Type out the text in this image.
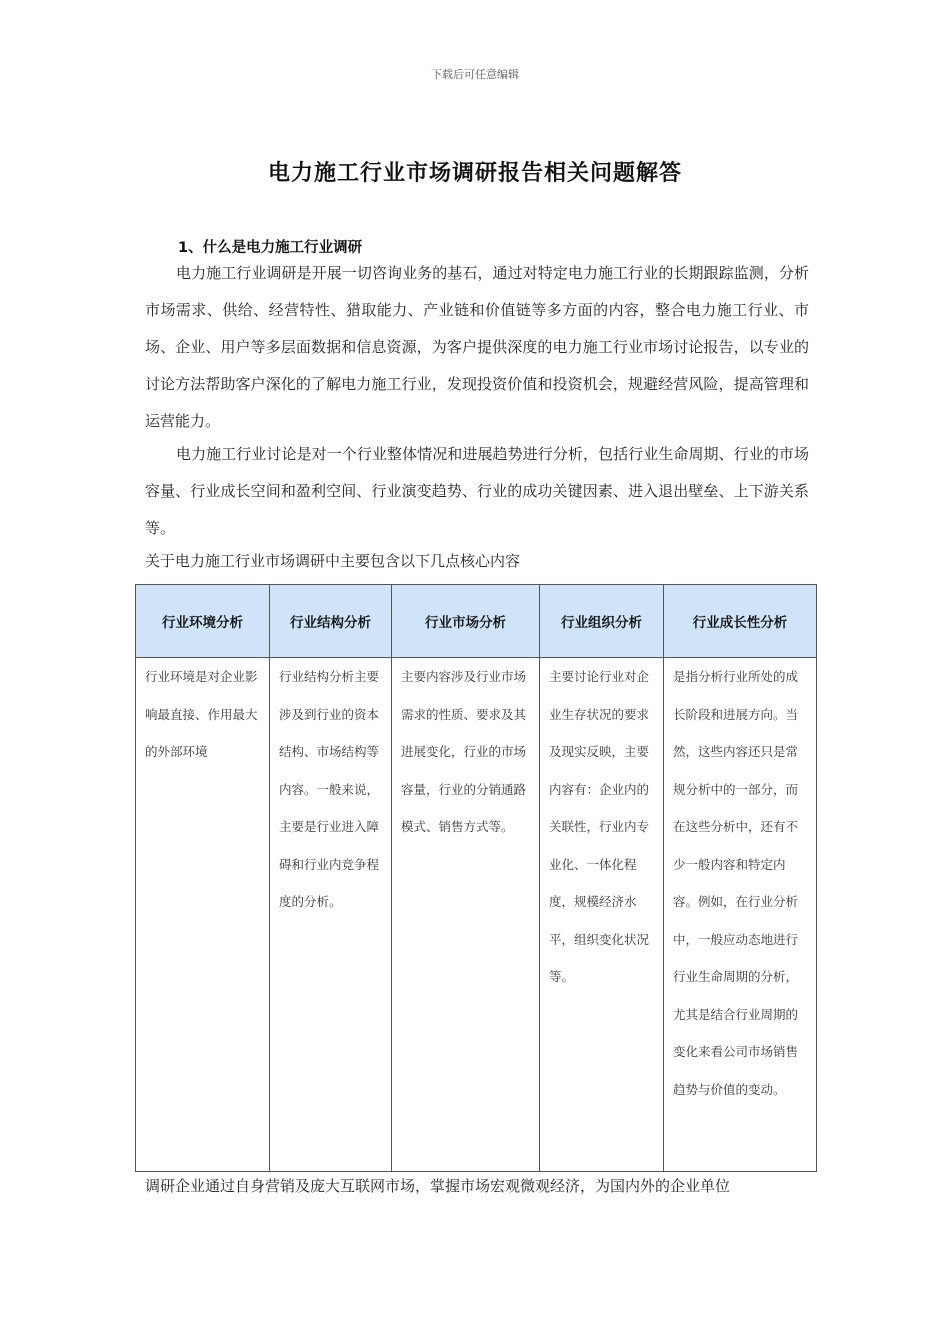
下载后可任意编辑
电力施工行业市场调研报告相关问题解答
1、什么是电力施工行业调研

电力施工行业调研是开展一切咨询业务的基石，通过对特定电力施工行业的长期跟踪监测，分析市场需求、供给、经营特性、猎取能力、产业链和价值链等多方面的内容，整合电力施工行业、市场、企业、用户等多层面数据和信息资源，为客户提供深度的电力施工行业市场讨论报告，以专业的讨论方法帮助客户深化的了解电力施工行业，发现投资价值和投资机会，规避经营风险，提高管理和运营能力。

电力施工行业讨论是对一个行业整体情况和进展趋势进行分析，包括行业生命周期、行业的市场容量、行业成长空间和盈利空间、行业演变趋势、行业的成功关键因素、进入退出壁垒、上下游关系等。

关于电力施工行业市场调研中主要包含以下几点核心内容
行业环境分析	行业结构分析	行业市场分析	行业组织分析	行业成长性分析
行业环境是对企业影响最直接、作用最大的外部环境	行业结构分析主要涉及到行业的资本结构、市场结构等内容。一般来说，主要是行业进入障碍和行业内竞争程度的分析。	主要内容涉及行业市场需求的性质、要求及其进展变化，行业的市场容量，行业的分销通路模式、销售方式等。	主要讨论行业对企业生存状况的要求及现实反映，主要内容有：企业内的关联性，行业内专业化、一体化程度，规模经济水平，组织变化状况等。	是指分析行业所处的成长阶段和进展方向。当然，这些内容还只是常规分析中的一部分，而在这些分析中，还有不少一般内容和特定内容。例如，在行业分析中，一般应动态地进行行业生命周期的分析，尤其是结合行业周期的变化来看公司市场销售趋势与价值的变动。
调研企业通过自身营销及庞大互联网市场，掌握市场宏观微观经济，为国内外的企业单位
